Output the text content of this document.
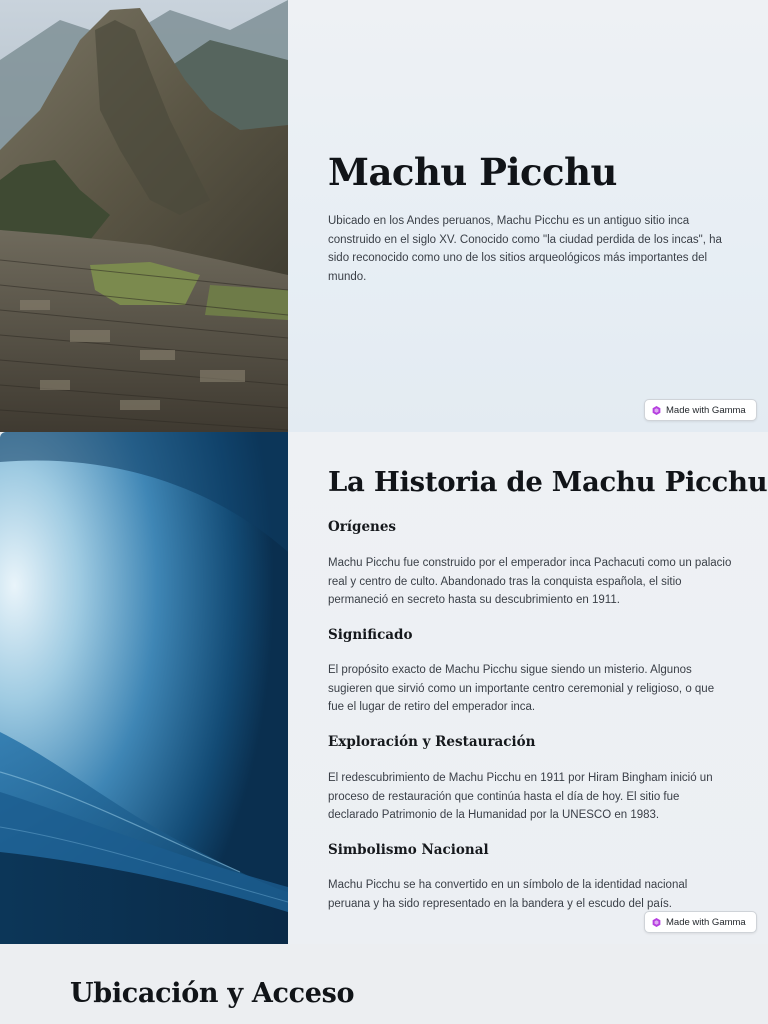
Machu Picchu

Ubicado en los Andes peruanos, Machu Picchu es un antiguo sitio inca construido en el siglo XV. Conocido como "la ciudad perdida de los incas", ha sido reconocido como uno de los sitios arqueológicos más importantes del mundo.

Made with Gamma
La Historia de Machu Picchu
Orígenes

Machu Picchu fue construido por el emperador inca Pachacuti como un palacio real y centro de culto. Abandonado tras la conquista española, el sitio permaneció en secreto hasta su descubrimiento en 1911.

Significado

El propósito exacto de Machu Picchu sigue siendo un misterio. Algunos sugieren que sirvió como un importante centro ceremonial y religioso, o que fue el lugar de retiro del emperador inca.

Exploración y Restauración

El redescubrimiento de Machu Picchu en 1911 por Hiram Bingham inició un proceso de restauración que continúa hasta el día de hoy. El sitio fue declarado Patrimonio de la Humanidad por la UNESCO en 1983.

Simbolismo Nacional

Machu Picchu se ha convertido en un símbolo de la identidad nacional peruana y ha sido representado en la bandera y el escudo del país.

Made with Gamma
Ubicación y Acceso
